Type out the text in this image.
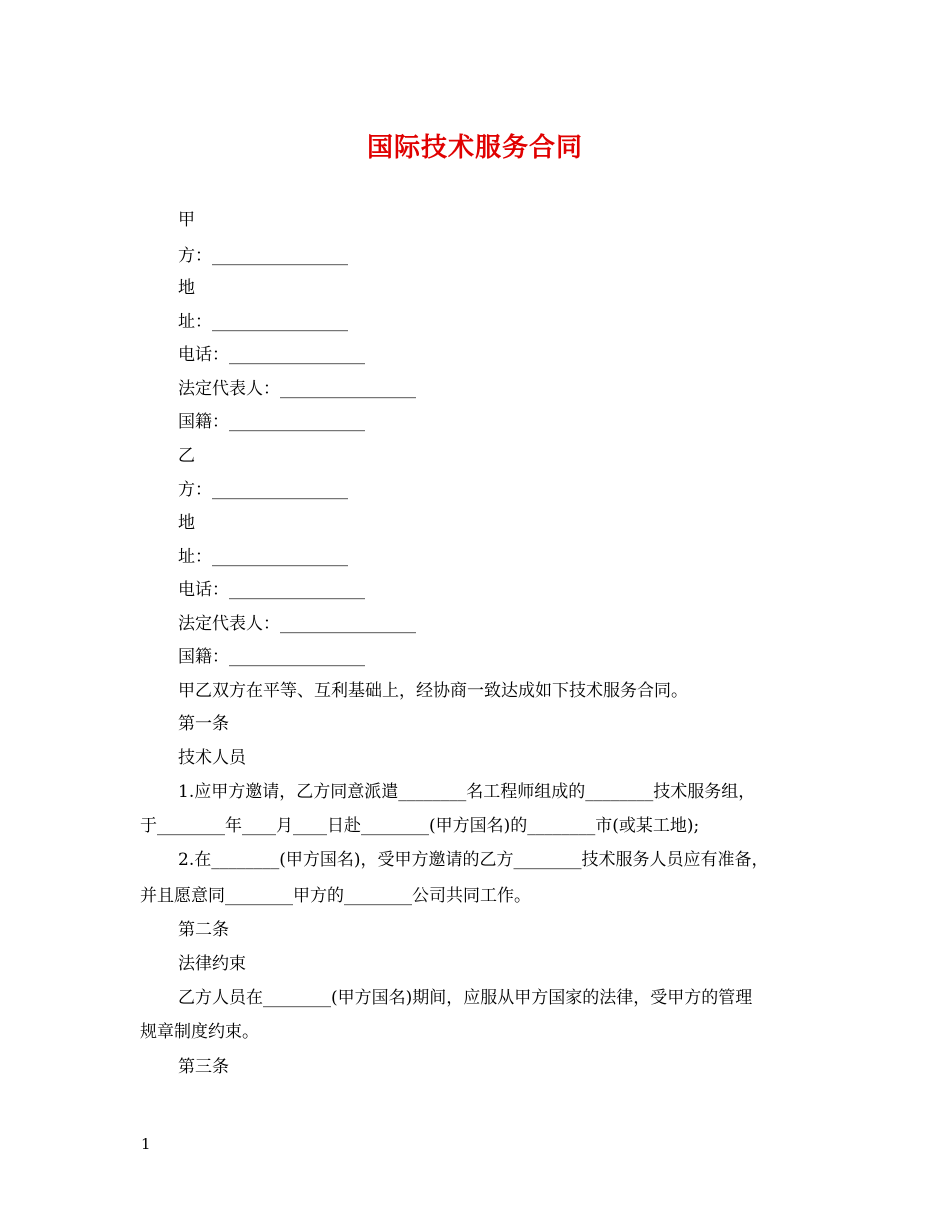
国际技术服务合同
甲
方：________________
地
址：________________
电话：________________
法定代表人：________________
国籍：________________
乙
方：________________
地
址：________________
电话：________________
法定代表人：________________
国籍：________________
甲乙双方在平等、互利基础上，经协商一致达成如下技术服务合同。
第一条
技术人员
1.应甲方邀请，乙方同意派遣________名工程师组成的________技术服务组，
于________年____月____日赴________(甲方国名)的________市(或某工地);
2.在________(甲方国名)，受甲方邀请的乙方________技术服务人员应有准备，
并且愿意同________甲方的________公司共同工作。
第二条
法律约束
乙方人员在________(甲方国名)期间，应服从甲方国家的法律，受甲方的管理
规章制度约束。
第三条
1
